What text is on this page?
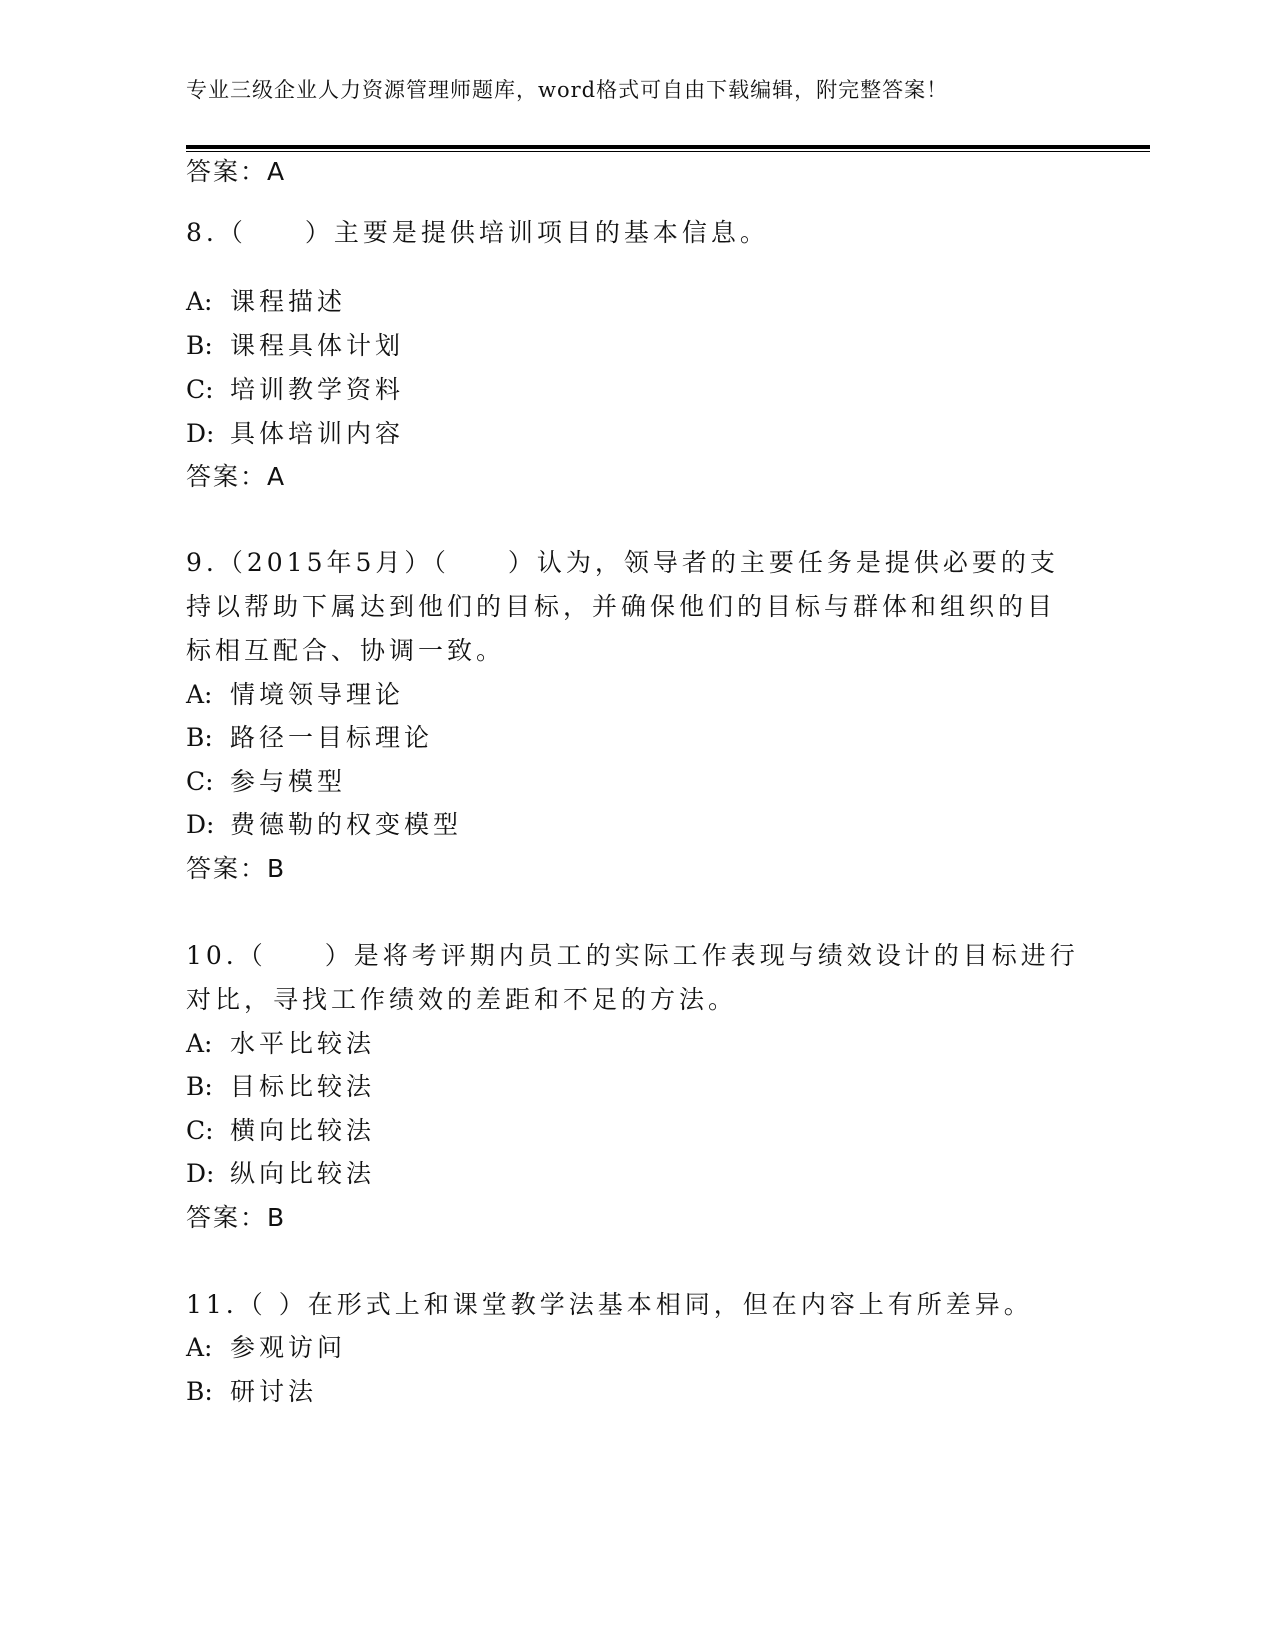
专业三级企业人力资源管理师题库，word格式可自由下载编辑，附完整答案！
答案：A
8.（　　）主要是提供培训项目的基本信息。
A: 课程描述
B: 课程具体计划
C: 培训教学资料
D: 具体培训内容
答案：A
9.（2015年5月）（　　）认为，领导者的主要任务是提供必要的支
持以帮助下属达到他们的目标，并确保他们的目标与群体和组织的目
标相互配合、协调一致。
A: 情境领导理论
B: 路径一目标理论
C: 参与模型
D: 费德勒的权变模型
答案：B
10.（　　）是将考评期内员工的实际工作表现与绩效设计的目标进行
对比，寻找工作绩效的差距和不足的方法。
A: 水平比较法
B: 目标比较法
C: 横向比较法
D: 纵向比较法
答案：B
11.（ ）在形式上和课堂教学法基本相同，但在内容上有所差异。
A: 参观访问
B: 研讨法
